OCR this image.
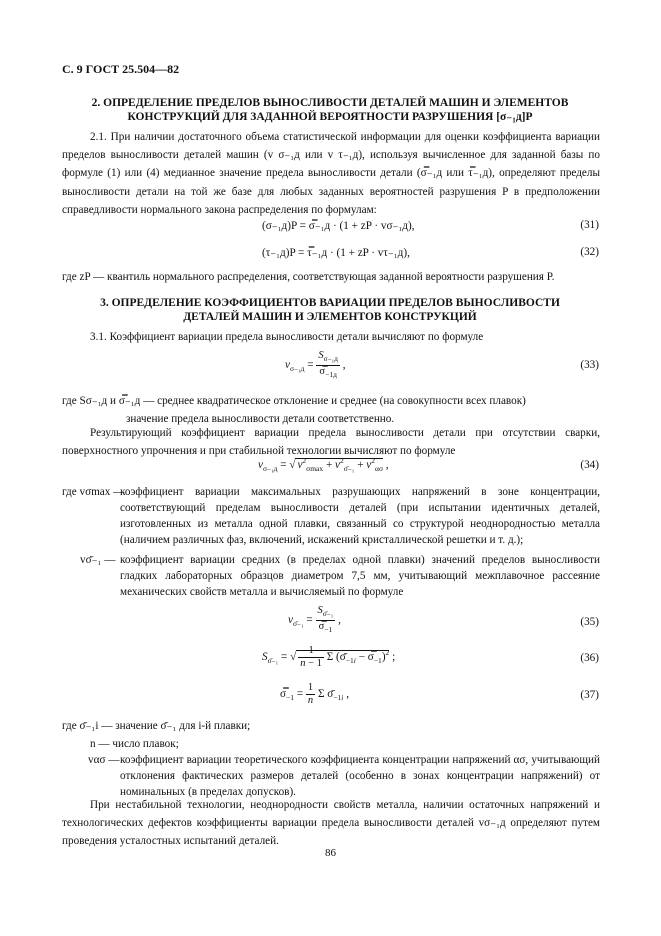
С. 9 ГОСТ 25.504—82
2. ОПРЕДЕЛЕНИЕ ПРЕДЕЛОВ ВЫНОСЛИВОСТИ ДЕТАЛЕЙ МАШИН И ЭЛЕМЕНТОВ
КОНСТРУКЦИЙ ДЛЯ ЗАДАННОЙ ВЕРОЯТНОСТИ РАЗРУШЕНИЯ [σ₋₁д]P
2.1. При наличии достаточного объема статистической информации для оценки коэффициента вариации пределов выносливости деталей машин (v σ₋₁д или v τ₋₁д), используя вычисленное для заданной базы по формуле (1) или (4) медианное значение предела выносливости детали (σ̿₋₁д или τ̿₋₁д), определяют пределы выносливости детали на той же базе для любых заданных вероятностей разрушения P в предположении справедливости нормального закона распределения по формулам:
(σ₋₁д)P = σ̿₋₁д · (1 + zP · vσ₋₁д),	(31)
(τ₋₁д)P = τ̿₋₁д · (1 + zP · vτ₋₁д),	(32)
где zP — квантиль нормального распределения, соответствующая заданной вероятности разрушения P.
3. ОПРЕДЕЛЕНИЕ КОЭФФИЦИЕНТОВ ВАРИАЦИИ ПРЕДЕЛОВ ВЫНОСЛИВОСТИ
ДЕТАЛЕЙ МАШИН И ЭЛЕМЕНТОВ КОНСТРУКЦИЙ
3.1. Коэффициент вариации предела выносливости детали вычисляют по формуле
$v_{\sigma_{-1}д} = \frac{S_{\sigma_{-1}д}}{\sigma̿_{-1д}}$ ,	(33)
где Sσ₋₁д и σ̿₋₁д — среднее квадратическое отклонение и среднее (на совокупности всех плавок)
значение предела выносливости детали соответственно.
Результирующий коэффициент вариации предела выносливости детали при отсутствии сварки, поверхностного упрочнения и при стабильной технологии вычисляют по формуле
$v_{\sigma_{-1}д}$ = √ $v^2_{\sigma max} + v^2_{\sigmā_{-1}} + v^2_{\alpha\sigma}$ ,	(34)
где vσmax —
коэффициент вариации максимальных разрушающих напряжений в зоне концентрации, соответствующий пределам выносливости деталей (при испытании идентичных деталей, изготовленных из металла одной плавки, связанный со структурой неоднородностью металла (наличием различных фаз, включений, искажений кристаллической решетки и т. д.);
vσ̄₋₁ — коэффициент вариации средних (в пределах одной плавки) значений пределов выносливости гладких лабораторных образцов диаметром 7,5 мм, учитывающий межплавочное рассеяние механических свойств металла и вычисляемый по формуле
$v_{\sigmā_{-1}} = \frac{S_{\sigmā_{-1}}}{\sigma̿_{-1}}$ ,	(35)
$S_{\sigmā_{-1}}$ = √ $\frac{1}{n - 1}$ Σ ($\sigmā_{-1i}$ − $\sigma̿_{-1})^2$ ;	(36)
$\sigma̿_{-1} = \frac{1}{n}$ Σ $\sigmā_{-1i}$ ,	(37)
где σ̄₋₁i — значение σ̄₋₁ для i-й плавки;
n — число плавок;
vασ — коэффициент вариации теоретического коэффициента концентрации напряжений ασ, учитывающий отклонения фактических размеров деталей (особенно в зонах концентрации напряжений) от номинальных (в пределах допусков).
При нестабильной технологии, неоднородности свойств металла, наличии остаточных напряжений и технологических дефектов коэффициенты вариации предела выносливости деталей vσ₋₁д определяют путем проведения усталостных испытаний деталей.
86
